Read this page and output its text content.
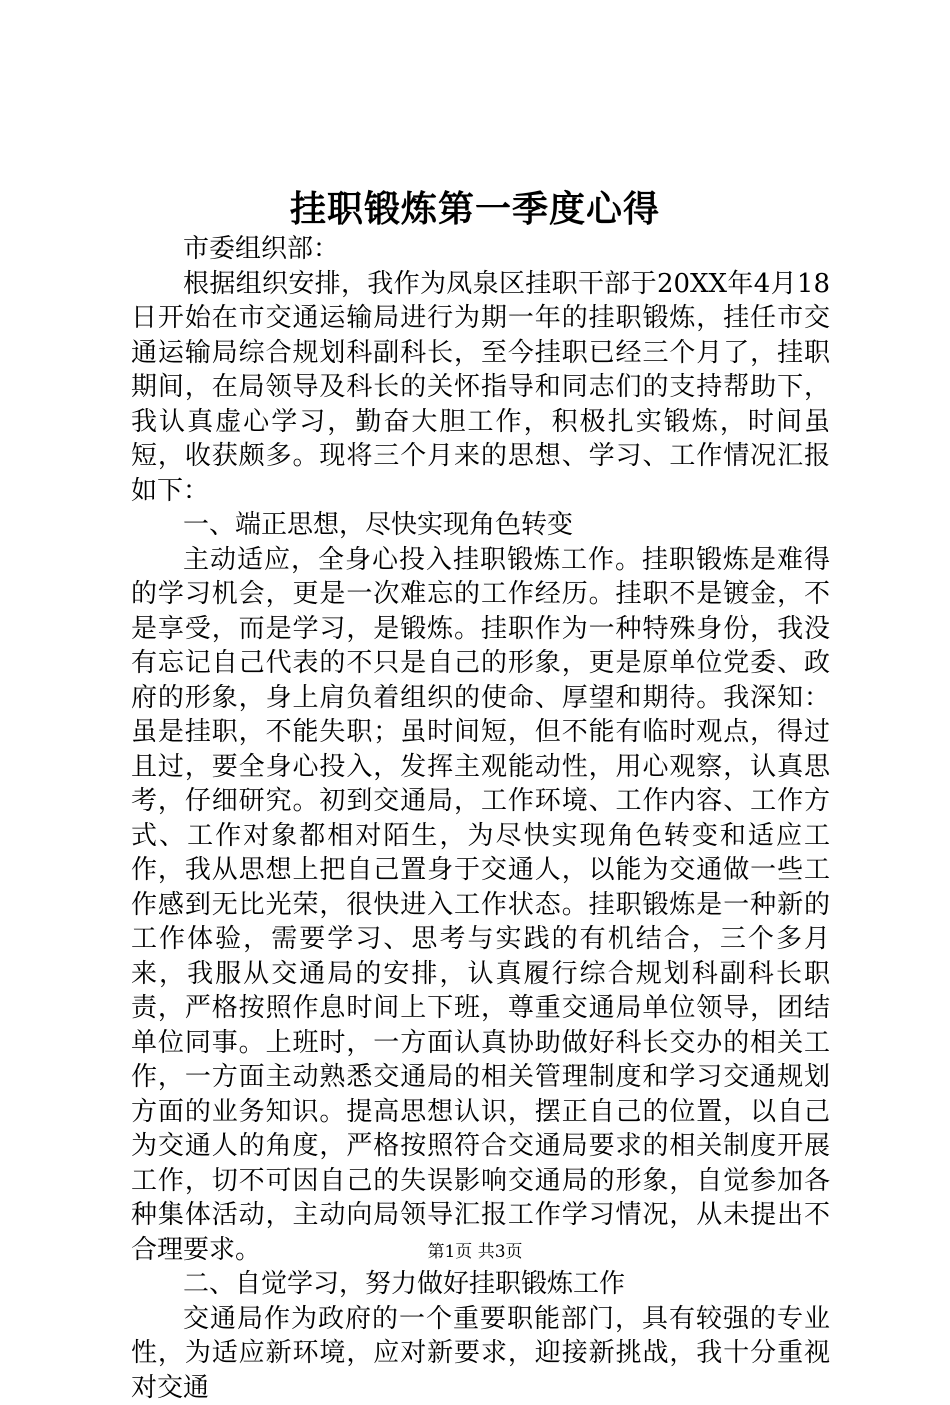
挂职锻炼第一季度心得

市委组织部：

根据组织安排，我作为凤泉区挂职干部于20XX年4月18日开始在市交通运输局进行为期一年的挂职锻炼，挂任市交通运输局综合规划科副科长，至今挂职已经三个月了，挂职期间，在局领导及科长的关怀指导和同志们的支持帮助下，我认真虚心学习，勤奋大胆工作，积极扎实锻炼，时间虽短，收获颇多。现将三个月来的思想、学习、工作情况汇报如下：

一、端正思想，尽快实现角色转变

主动适应，全身心投入挂职锻炼工作。挂职锻炼是难得的学习机会，更是一次难忘的工作经历。挂职不是镀金，不是享受，而是学习，是锻炼。挂职作为一种特殊身份，我没有忘记自己代表的不只是自己的形象，更是原单位党委、政府的形象，身上肩负着组织的使命、厚望和期待。我深知：虽是挂职，不能失职；虽时间短，但不能有临时观点，得过且过，要全身心投入，发挥主观能动性，用心观察，认真思考，仔细研究。初到交通局，工作环境、工作内容、工作方式、工作对象都相对陌生，为尽快实现角色转变和适应工作，我从思想上把自己置身于交通人，以能为交通做一些工作感到无比光荣，很快进入工作状态。挂职锻炼是一种新的工作体验，需要学习、思考与实践的有机结合，三个多月来，我服从交通局的安排，认真履行综合规划科副科长职责，严格按照作息时间上下班，尊重交通局单位领导，团结单位同事。上班时，一方面认真协助做好科长交办的相关工作，一方面主动熟悉交通局的相关管理制度和学习交通规划方面的业务知识。提高思想认识，摆正自己的位置，以自己为交通人的角度，严格按照符合交通局要求的相关制度开展工作，切不可因自己的失误影响交通局的形象，自觉参加各种集体活动，主动向局领导汇报工作学习情况，从未提出不合理要求。

二、自觉学习，努力做好挂职锻炼工作

交通局作为政府的一个重要职能部门，具有较强的专业性，为适应新环境，应对新要求，迎接新挑战，我十分重视对交通

第1页 共3页
